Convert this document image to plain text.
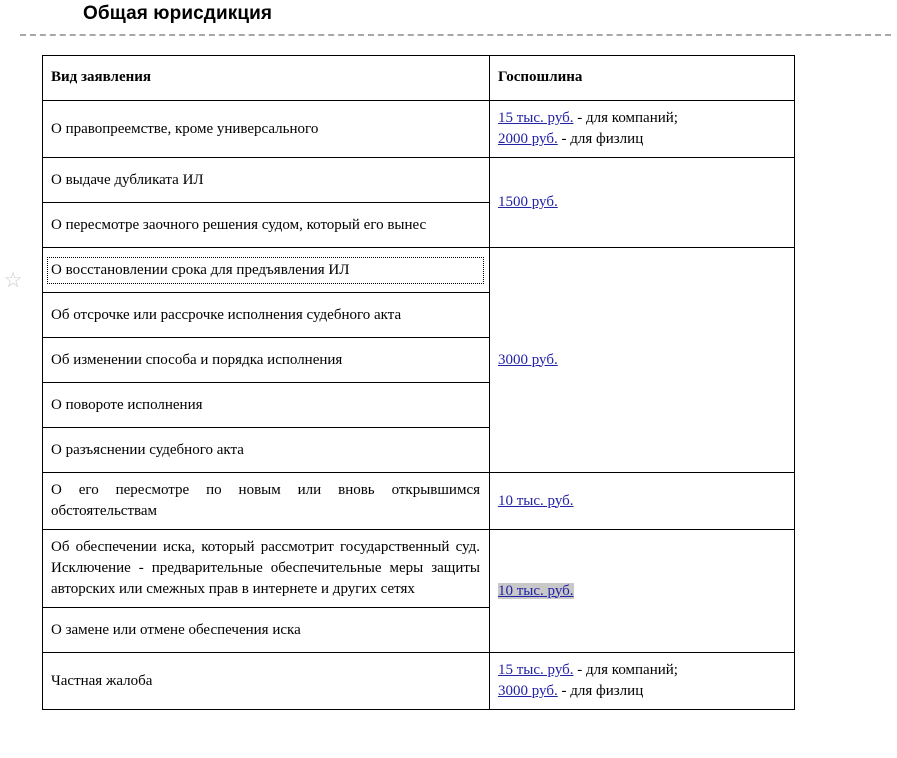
Общая юрисдикция
☆
Вид заявления	Госпошлина
О правопреемстве, кроме универсального	15 тыс. руб. - для компаний;
2000 руб. - для физлиц

О выдаче дубликата ИЛ	1500 руб.

О пересмотре заочного решения судом, который его вынес	

О восстановлении срока для предъявления ИЛ	3000 руб.

Об отсрочке или рассрочке исполнения судебного акта	
Об изменении способа и порядка исполнения	
О повороте исполнения	
О разъяснении судебного акта	
О его пересмотре по новым или вновь открывшимся обстоятельствам	10 тыс. руб.

Об обеспечении иска, который рассмотрит государственный суд. Исключение - предварительные обеспечительные меры защиты авторских или смежных прав в интернете и других сетях	10 тыс. руб.

О замене или отмене обеспечения иска	
Частная жалоба	15 тыс. руб. - для компаний;
3000 руб. - для физлиц
